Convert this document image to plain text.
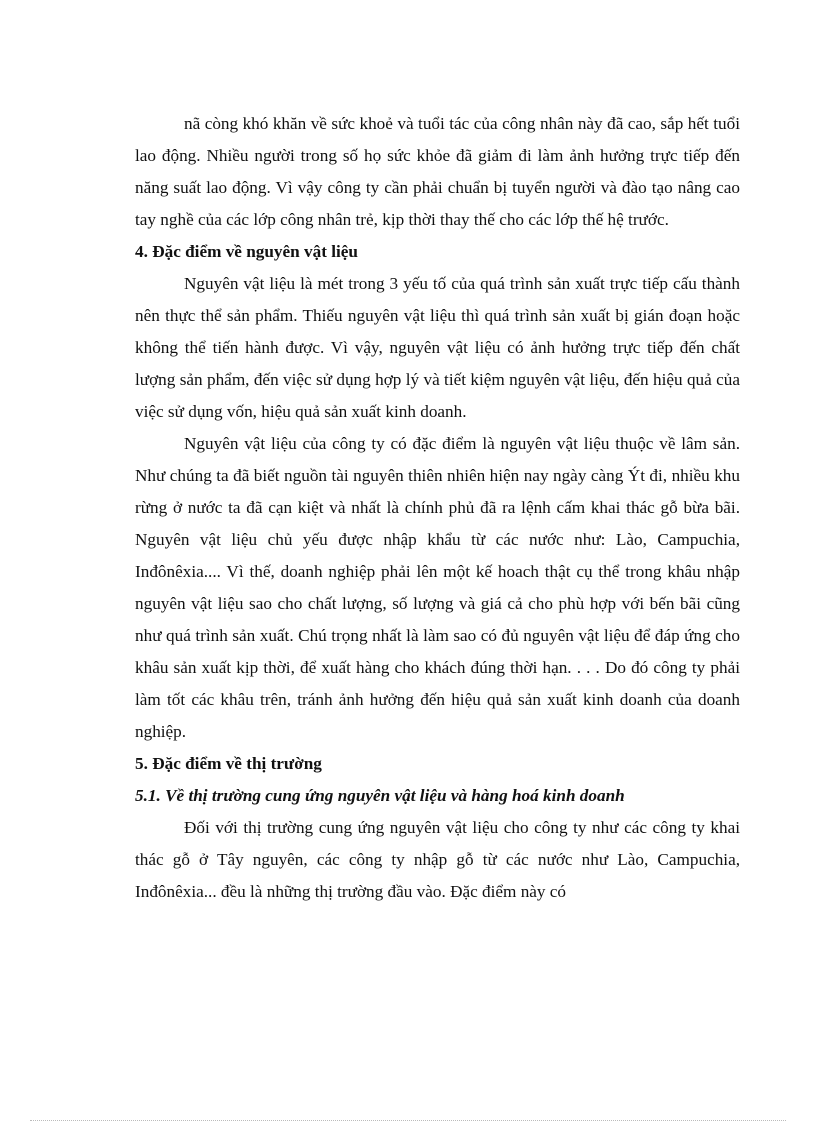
nã còng khó khăn về sức khoẻ và tuổi tác của công nhân này đã cao, sắp hết tuổi lao động. Nhiều người trong số họ sức khỏe đã giảm đi làm ảnh hưởng trực tiếp đến năng suất lao động. Vì vậy công ty cần phải chuẩn bị tuyển người và đào tạo nâng cao tay nghề của các lớp công nhân trẻ, kịp thời thay thế cho các lớp thế hệ trước.

4. Đặc điểm về nguyên vật liệu

Nguyên vật liệu là mét trong 3 yếu tố của quá trình sản xuất trực tiếp cấu thành nên thực thể sản phẩm. Thiếu nguyên vật liệu thì quá trình sản xuất bị gián đoạn hoặc không thể tiến hành được. Vì vậy, nguyên vật liệu có ảnh hưởng trực tiếp đến chất lượng sản phẩm, đến việc sử dụng hợp lý và tiết kiệm nguyên vật liệu, đến hiệu quả của việc sử dụng vốn, hiệu quả sản xuất kinh doanh.

Nguyên vật liệu của công ty có đặc điểm là nguyên vật liệu thuộc về lâm sản. Như chúng ta đã biết nguồn tài nguyên thiên nhiên hiện nay ngày càng Ýt đi, nhiều khu rừng ở nước ta đã cạn kiệt và nhất là chính phủ đã ra lệnh cấm khai thác gỗ bừa bãi. Nguyên vật liệu chủ yếu được nhập khẩu từ các nước như: Lào, Campuchia, Inđônêxia.... Vì thế, doanh nghiệp phải lên một kế hoach thật cụ thể trong khâu nhập nguyên vật liệu sao cho chất lượng, số lượng và giá cả cho phù hợp với bến bãi cũng như quá trình sản xuất. Chú trọng nhất là làm sao có đủ nguyên vật liệu để đáp ứng cho khâu sản xuất kịp thời, để xuất hàng cho khách đúng thời hạn. . . . Do đó công ty phải làm tốt các khâu trên, tránh ảnh hưởng đến hiệu quả sản xuất kinh doanh của doanh nghiệp.

5. Đặc điểm về thị trường

5.1. Về thị trường cung ứng nguyên vật liệu và hàng hoá kinh doanh

Đối với thị trường cung ứng nguyên vật liệu cho công ty như các công ty khai thác gỗ ở Tây nguyên, các công ty nhập gỗ từ các nước như Lào, Campuchia, Inđônêxia... đều là những thị trường đầu vào. Đặc điểm này có
